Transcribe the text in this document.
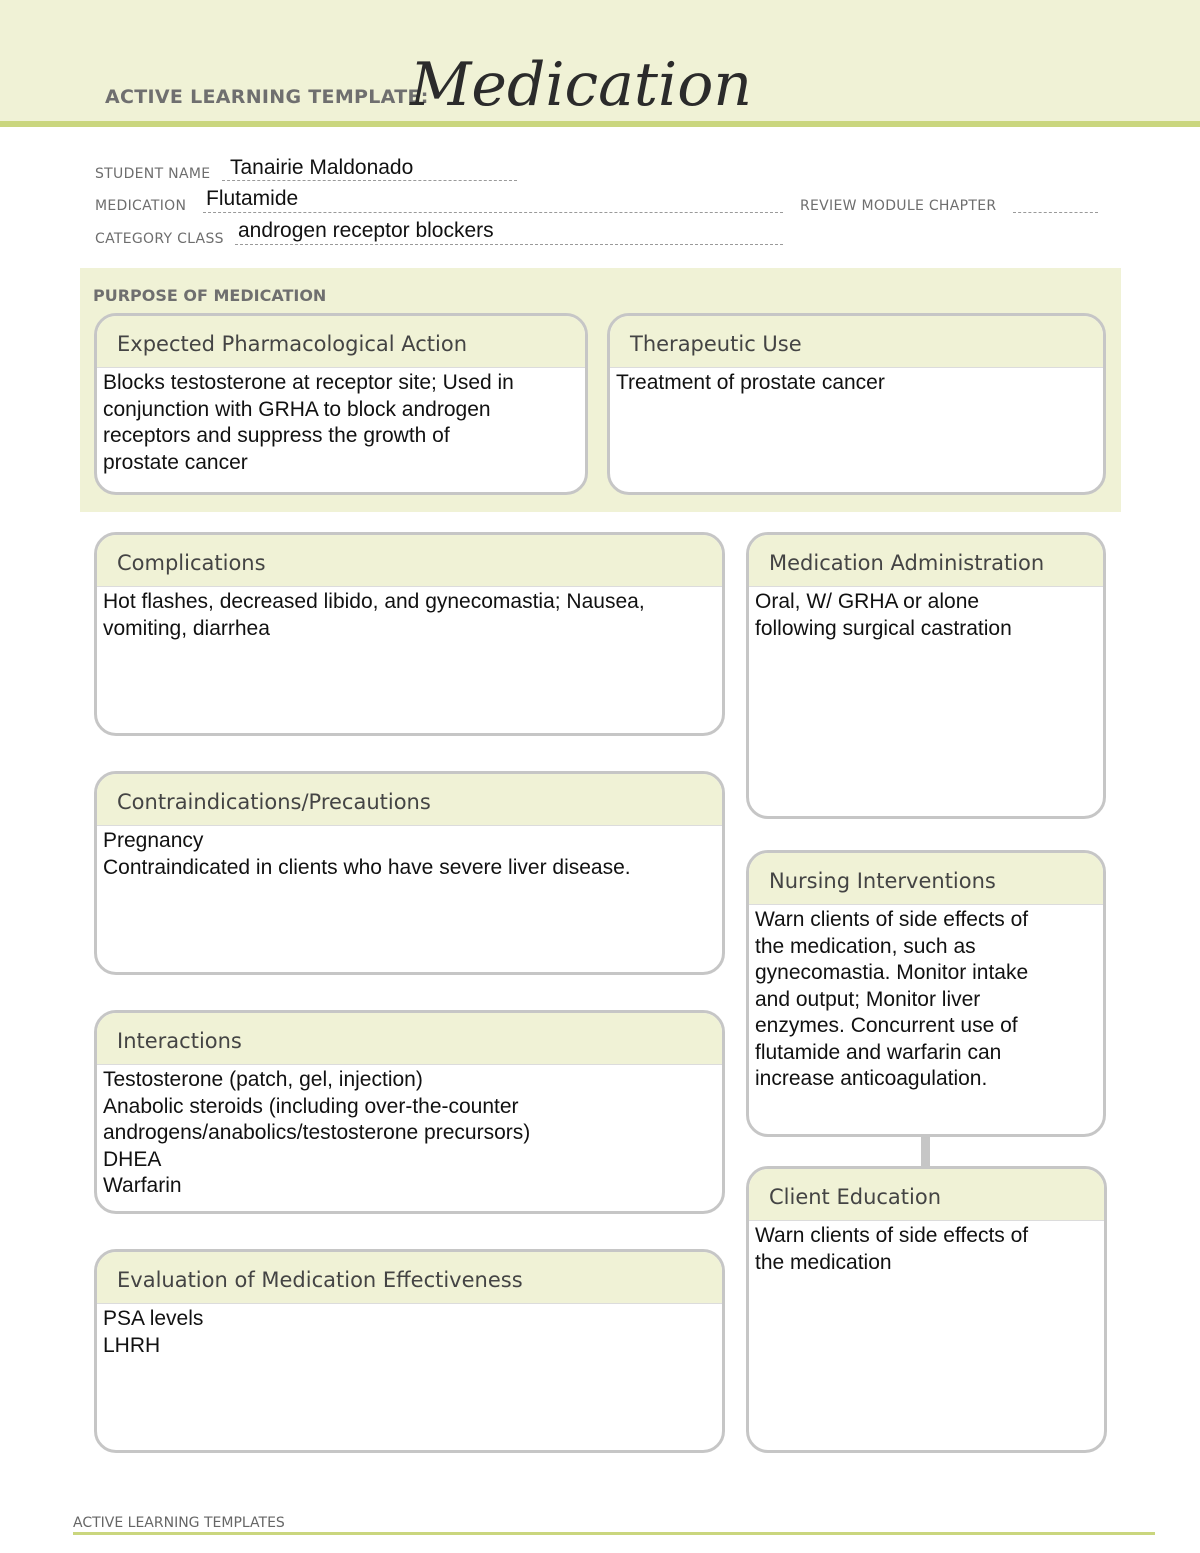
ACTIVE LEARNING TEMPLATE:
Medication
STUDENT NAME Tanairie Maldonado
MEDICATION Flutamide	REVIEW MODULE CHAPTER
CATEGORY CLASS androgen receptor blockers
PURPOSE OF MEDICATION
Expected Pharmacological Action
Blocks testosterone at receptor site; Used in
conjunction with GRHA to block androgen
receptors and suppress the growth of
prostate cancer
Therapeutic Use
Treatment of prostate cancer
Complications
Hot flashes, decreased libido, and gynecomastia; Nausea,
vomiting, diarrhea
Contraindications/Precautions
Pregnancy
Contraindicated in clients who have severe liver disease.
Interactions
Testosterone (patch, gel, injection)
Anabolic steroids (including over-the-counter
androgens/anabolics/testosterone precursors)
DHEA
Warfarin
Evaluation of Medication Effectiveness
PSA levels
LHRH
Medication Administration
Oral, W/ GRHA or alone
following surgical castration
Nursing Interventions
Warn clients of side effects of
the medication, such as
gynecomastia. Monitor intake
and output; Monitor liver
enzymes. Concurrent use of
flutamide and warfarin can
increase anticoagulation.
Client Education
Warn clients of side effects of
the medication
ACTIVE LEARNING TEMPLATES
